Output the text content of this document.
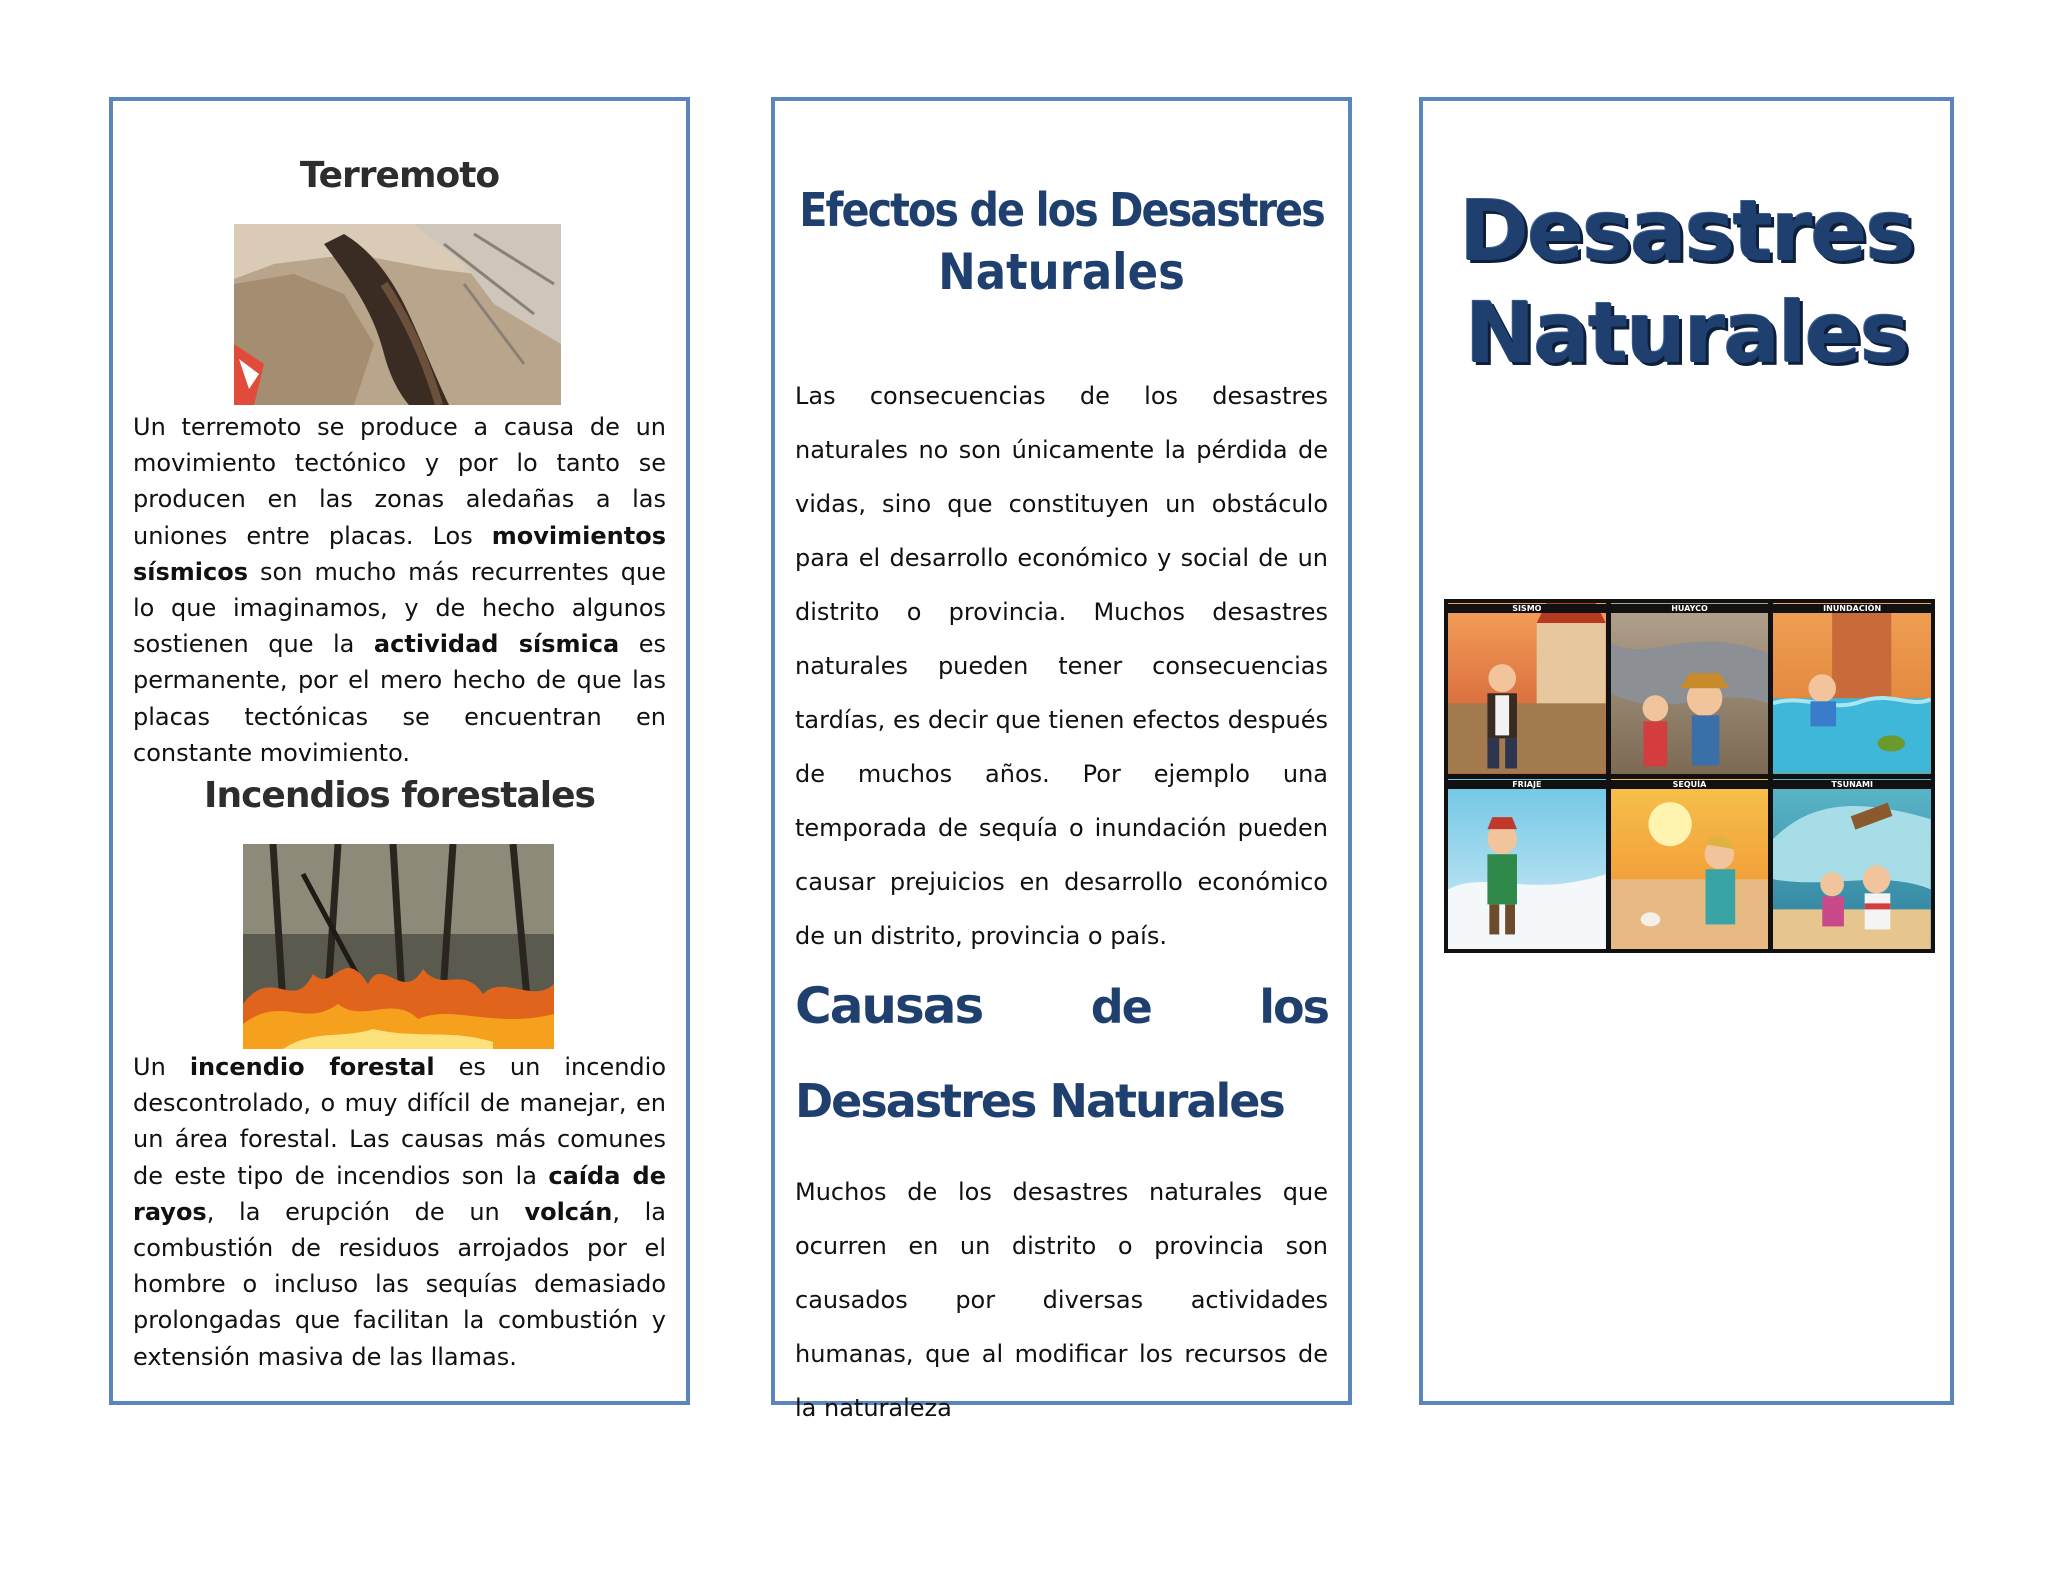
Terremoto

Un terremoto se produce a causa de un movimiento tectónico y por lo tanto se producen en las zonas aledañas a las uniones entre placas. Los movimientos sísmicos son mucho más recurrentes que lo que imaginamos, y de hecho algunos sostienen que la actividad sísmica es permanente, por el mero hecho de que las placas tectónicas se encuentran en constante movimiento.

Incendios forestales

Un incendio forestal es un incendio descontrolado, o muy difícil de manejar, en un área forestal. Las causas más comunes de este tipo de incendios son la caída de rayos, la erupción de un volcán, la combustión de residuos arrojados por el hombre o incluso las sequías demasiado prolongadas que facilitan la combustión y extensión masiva de las llamas.

Efectos de los Desastres
Naturales

Las consecuencias de los desastres naturales no son únicamente la pérdida de vidas, sino que constituyen un obstáculo para el desarrollo económico y social de un distrito o provincia. Muchos desastres naturales pueden tener consecuencias tardías, es decir que tienen efectos después de muchos años. Por ejemplo una temporada de sequía o inundación pueden causar prejuicios en desarrollo económico de un distrito, provincia o país.

Causas de los Desastres Naturales

Muchos de los desastres naturales que ocurren en un distrito o provincia son causados por diversas actividades humanas, que al modificar los recursos de la naturaleza

Desastres
Naturales
SISMO	HUAYCO	INUNDACIÓN
FRIAJE	SEQUÍA	TSUNAMI
